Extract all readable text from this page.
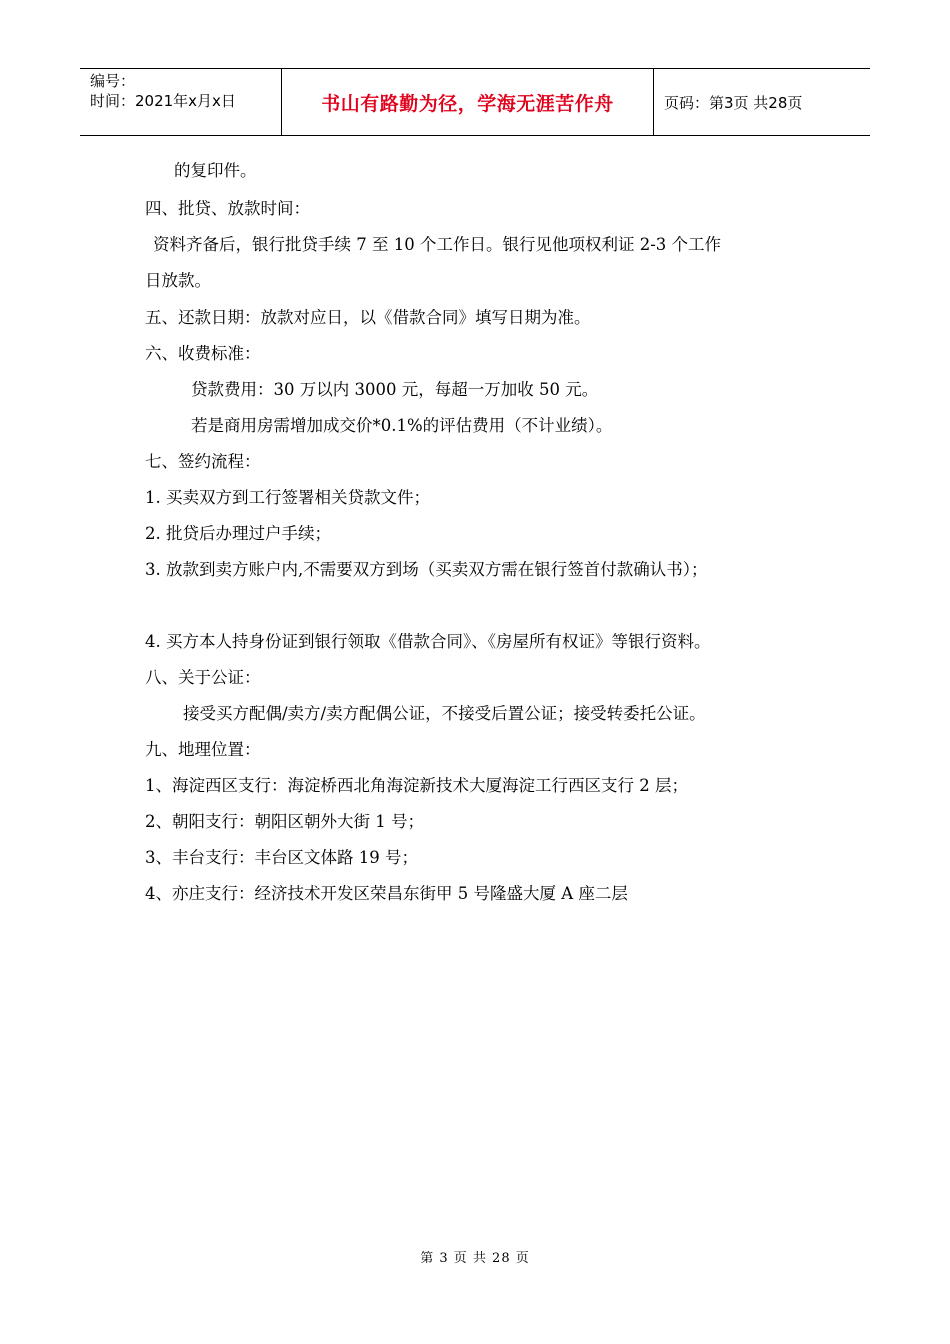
编号：
时间：2021年x月x日	书山有路勤为径，学海无涯苦作舟	页码：第3页 共28页
的复印件。
四、批贷、放款时间：
资料齐备后，银行批贷手续 7 至 10 个工作日。银行见他项权利证 2-3 个工作
日放款。
五、还款日期：放款对应日，以《借款合同》填写日期为准。
六、收费标准：
贷款费用：30 万以内 3000 元，每超一万加收 50 元。
若是商用房需增加成交价*0.1%的评估费用（不计业绩）。
七、签约流程：
1. 买卖双方到工行签署相关贷款文件；
2. 批贷后办理过户手续；
3. 放款到卖方账户内,不需要双方到场（买卖双方需在银行签首付款确认书）；
4. 买方本人持身份证到银行领取《借款合同》、《房屋所有权证》等银行资料。
八、关于公证：
接受买方配偶/卖方/卖方配偶公证，不接受后置公证；接受转委托公证。
九、地理位置：
1、海淀西区支行：海淀桥西北角海淀新技术大厦海淀工行西区支行 2 层；
2、朝阳支行：朝阳区朝外大街 1 号；
3、丰台支行：丰台区文体路 19 号；
4、亦庄支行：经济技术开发区荣昌东街甲 5 号隆盛大厦 A 座二层
第 3 页 共 28 页
